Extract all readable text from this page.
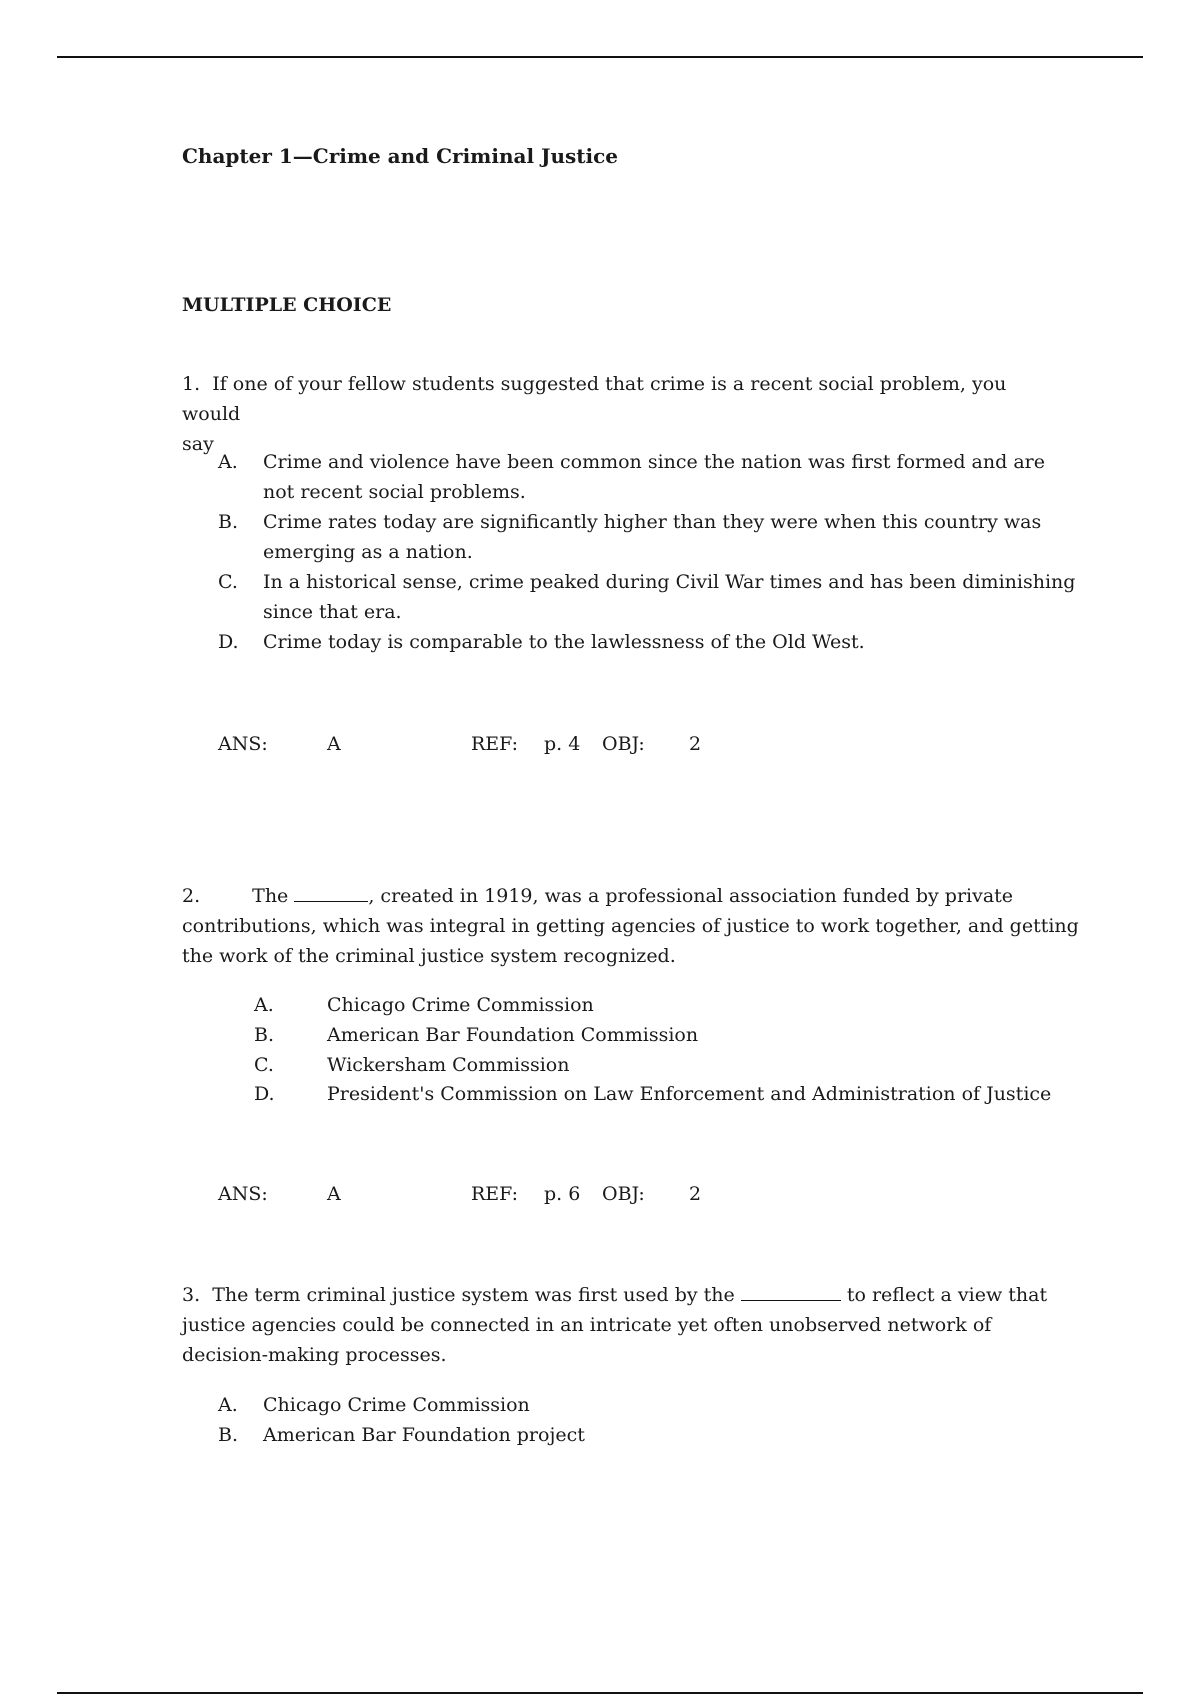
Chapter 1—Crime and Criminal Justice
MULTIPLE CHOICE
1. If one of your fellow students suggested that crime is a recent social problem, you would
say
A. Crime and violence have been common since the nation was first formed and are
not recent social problems.
B. Crime rates today are significantly higher than they were when this country was
emerging as a nation.
C. In a historical sense, crime peaked during Civil War times and has been diminishing
since that era.
D. Crime today is comparable to the lawlessness of the Old West.
ANS:	A	REF: p. 4 OBJ: 2
2.	The	, created in 1919, was a professional association funded by private
contributions, which was integral in getting agencies of justice to work together, and getting
the work of the criminal justice system recognized.
A.	Chicago Crime Commission
B.	American Bar Foundation Commission
C.	Wickersham Commission
D.	President's Commission on Law Enforcement and Administration of Justice
ANS:	A	REF: p. 6 OBJ: 2
3. The term criminal justice system was first used by the	to reflect a view that
justice agencies could be connected in an intricate yet often unobserved network of
decision-making processes.
A. Chicago Crime Commission
B. American Bar Foundation project
